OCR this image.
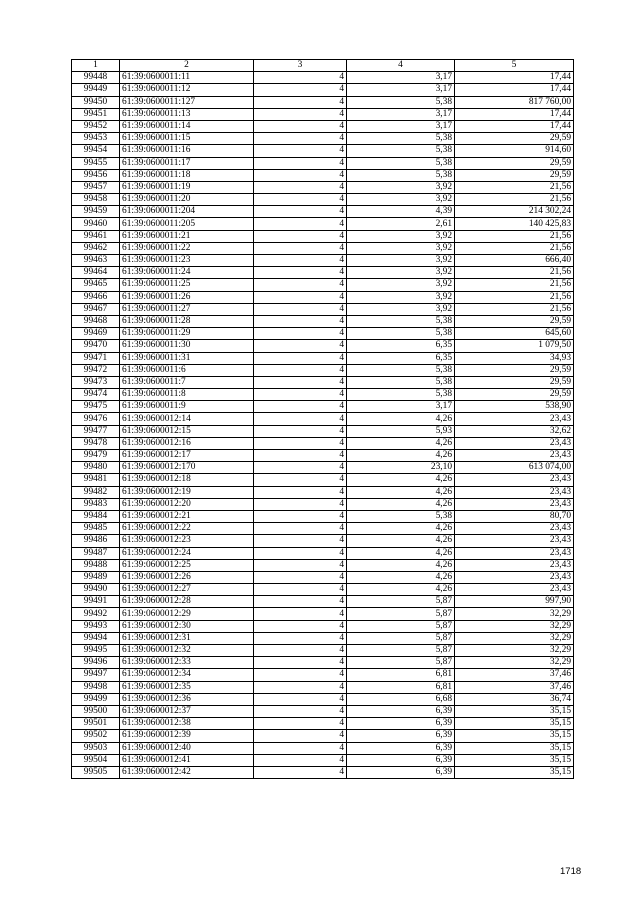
1	2	3	4	5
99448	61:39:0600011:11	4	3,17	17,44
99449	61:39:0600011:12	4	3,17	17,44
99450	61:39:0600011:127	4	5,38	817 760,00
99451	61:39:0600011:13	4	3,17	17,44
99452	61:39:0600011:14	4	3,17	17,44
99453	61:39:0600011:15	4	5,38	29,59
99454	61:39:0600011:16	4	5,38	914,60
99455	61:39:0600011:17	4	5,38	29,59
99456	61:39:0600011:18	4	5,38	29,59
99457	61:39:0600011:19	4	3,92	21,56
99458	61:39:0600011:20	4	3,92	21,56
99459	61:39:0600011:204	4	4,39	214 302,24
99460	61:39:0600011:205	4	2,61	140 425,83
99461	61:39:0600011:21	4	3,92	21,56
99462	61:39:0600011:22	4	3,92	21,56
99463	61:39:0600011:23	4	3,92	666,40
99464	61:39:0600011:24	4	3,92	21,56
99465	61:39:0600011:25	4	3,92	21,56
99466	61:39:0600011:26	4	3,92	21,56
99467	61:39:0600011:27	4	3,92	21,56
99468	61:39:0600011:28	4	5,38	29,59
99469	61:39:0600011:29	4	5,38	645,60
99470	61:39:0600011:30	4	6,35	1 079,50
99471	61:39:0600011:31	4	6,35	34,93
99472	61:39:0600011:6	4	5,38	29,59
99473	61:39:0600011:7	4	5,38	29,59
99474	61:39:0600011:8	4	5,38	29,59
99475	61:39:0600011:9	4	3,17	538,90
99476	61:39:0600012:14	4	4,26	23,43
99477	61:39:0600012:15	4	5,93	32,62
99478	61:39:0600012:16	4	4,26	23,43
99479	61:39:0600012:17	4	4,26	23,43
99480	61:39:0600012:170	4	23,10	613 074,00
99481	61:39:0600012:18	4	4,26	23,43
99482	61:39:0600012:19	4	4,26	23,43
99483	61:39:0600012:20	4	4,26	23,43
99484	61:39:0600012:21	4	5,38	80,70
99485	61:39:0600012:22	4	4,26	23,43
99486	61:39:0600012:23	4	4,26	23,43
99487	61:39:0600012:24	4	4,26	23,43
99488	61:39:0600012:25	4	4,26	23,43
99489	61:39:0600012:26	4	4,26	23,43
99490	61:39:0600012:27	4	4,26	23,43
99491	61:39:0600012:28	4	5,87	997,90
99492	61:39:0600012:29	4	5,87	32,29
99493	61:39:0600012:30	4	5,87	32,29
99494	61:39:0600012:31	4	5,87	32,29
99495	61:39:0600012:32	4	5,87	32,29
99496	61:39:0600012:33	4	5,87	32,29
99497	61:39:0600012:34	4	6,81	37,46
99498	61:39:0600012:35	4	6,81	37,46
99499	61:39:0600012:36	4	6,68	36,74
99500	61:39:0600012:37	4	6,39	35,15
99501	61:39:0600012:38	4	6,39	35,15
99502	61:39:0600012:39	4	6,39	35,15
99503	61:39:0600012:40	4	6,39	35,15
99504	61:39:0600012:41	4	6,39	35,15
99505	61:39:0600012:42	4	6,39	35,15
1718
